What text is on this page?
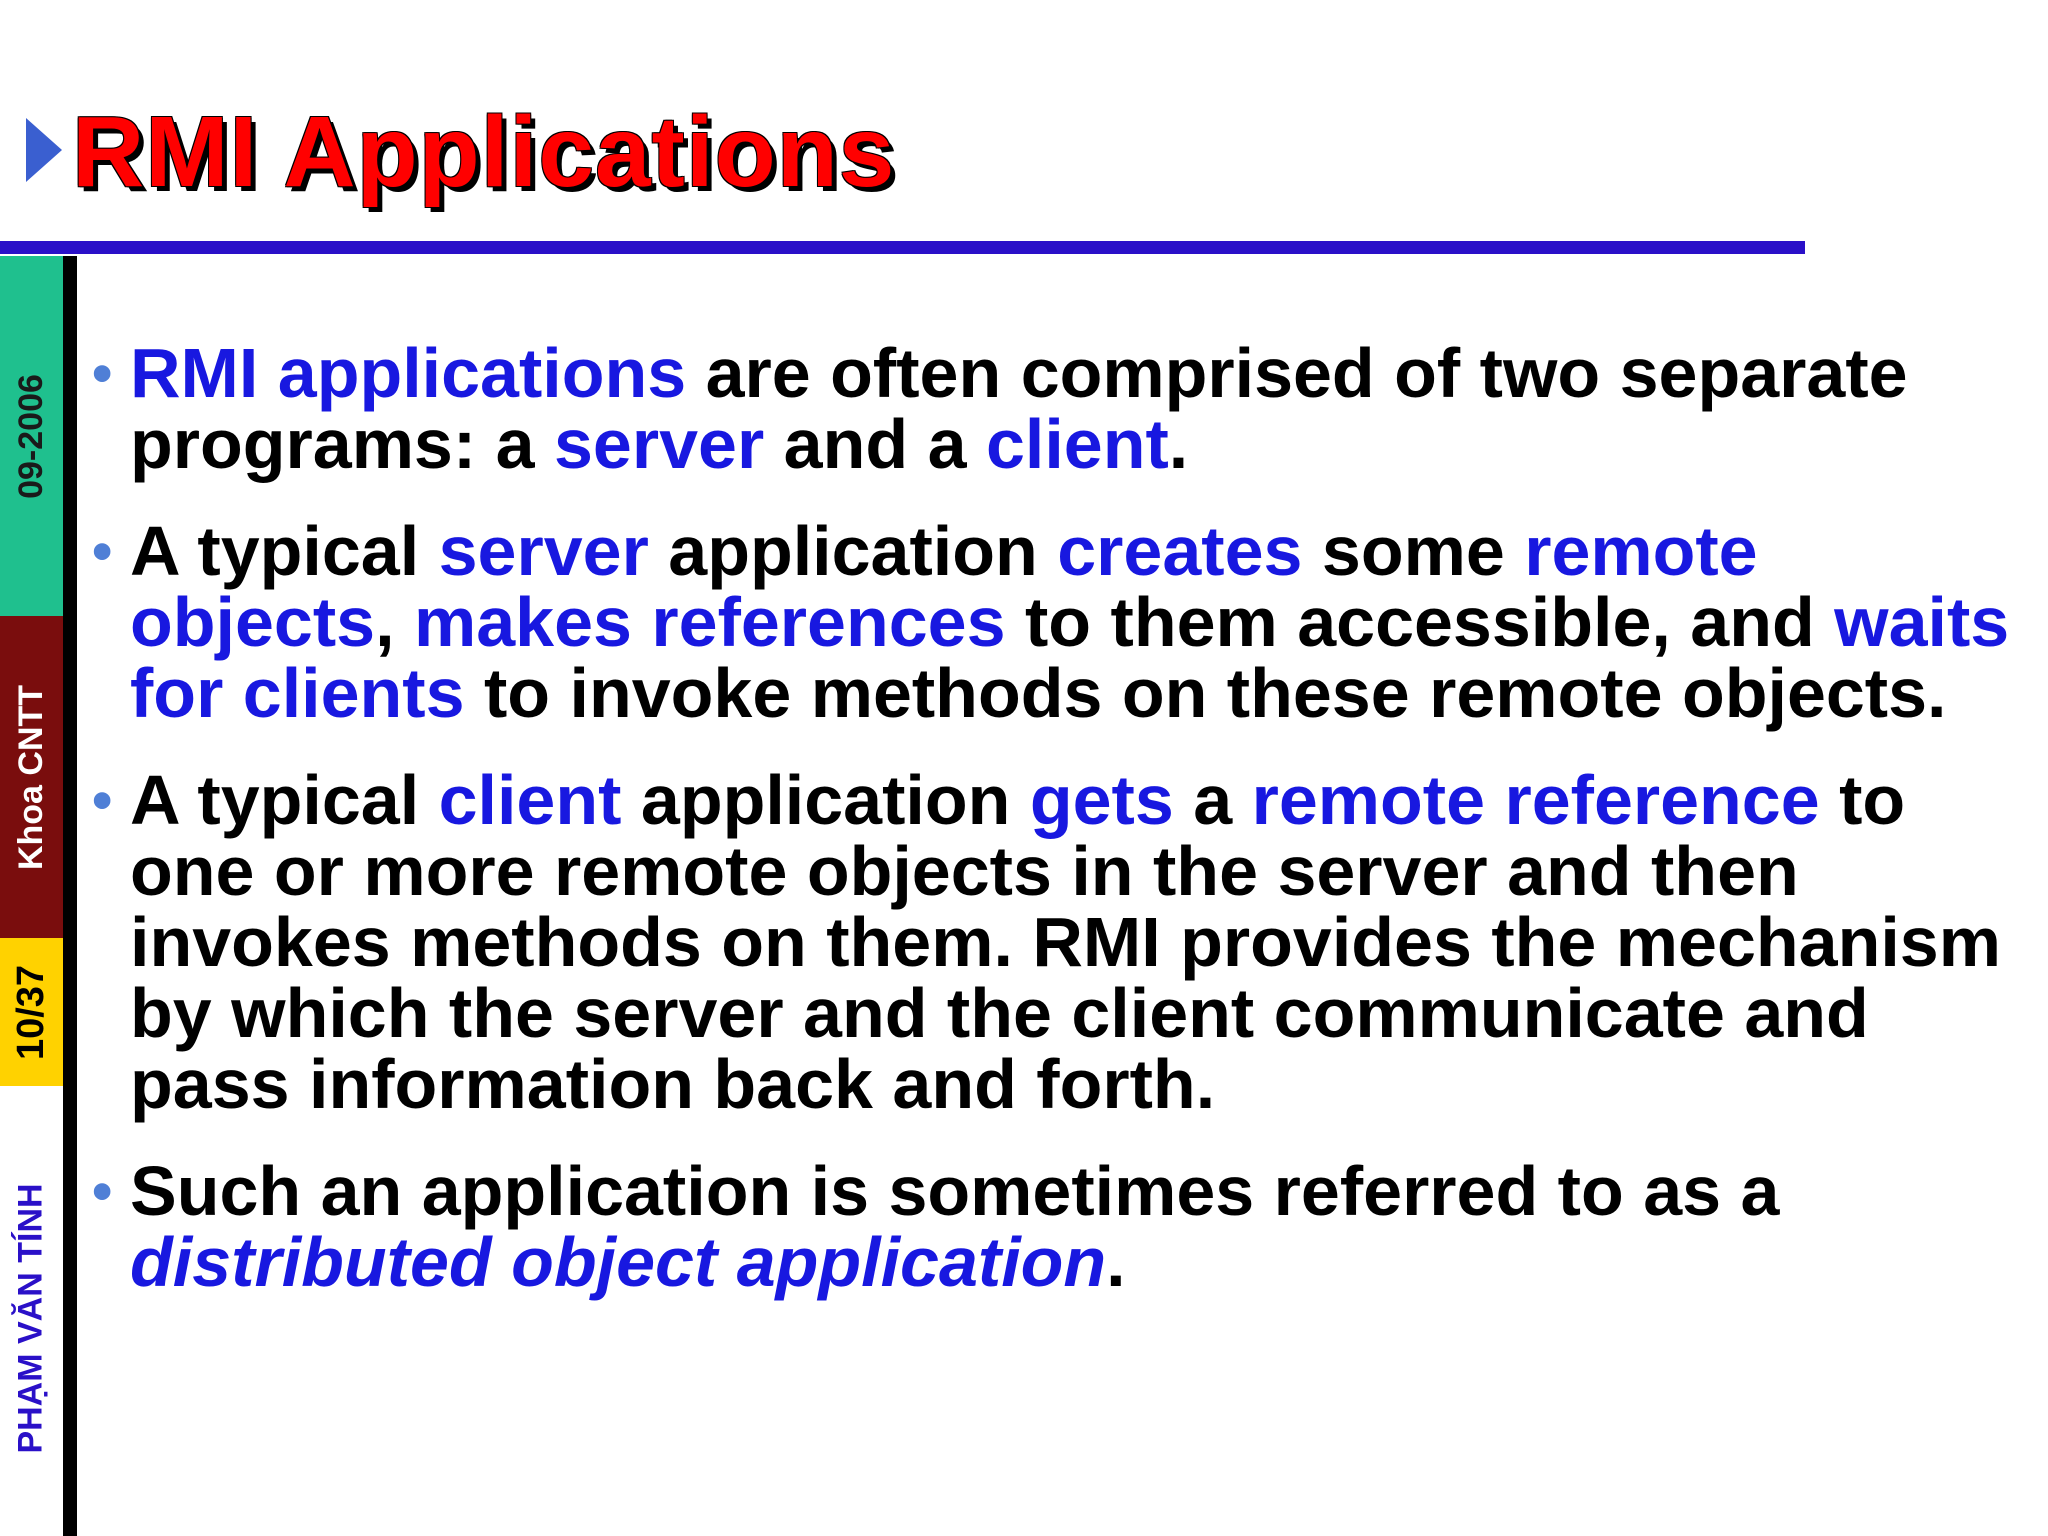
RMI Applications
09-2006
Khoa CNTT
10/37
PHẠM VĂN TÍNH
• RMI applications are often comprised of two separate programs: a server and a client.
• A typical server application creates some remote objects, makes references to them accessible, and waits for clients to invoke methods on these remote objects.
• A typical client application gets a remote reference to one or more remote objects in the server and then invokes methods on them. RMI provides the mechanism by which the server and the client communicate and pass information back and forth.
• Such an application is sometimes referred to as a distributed object application.
